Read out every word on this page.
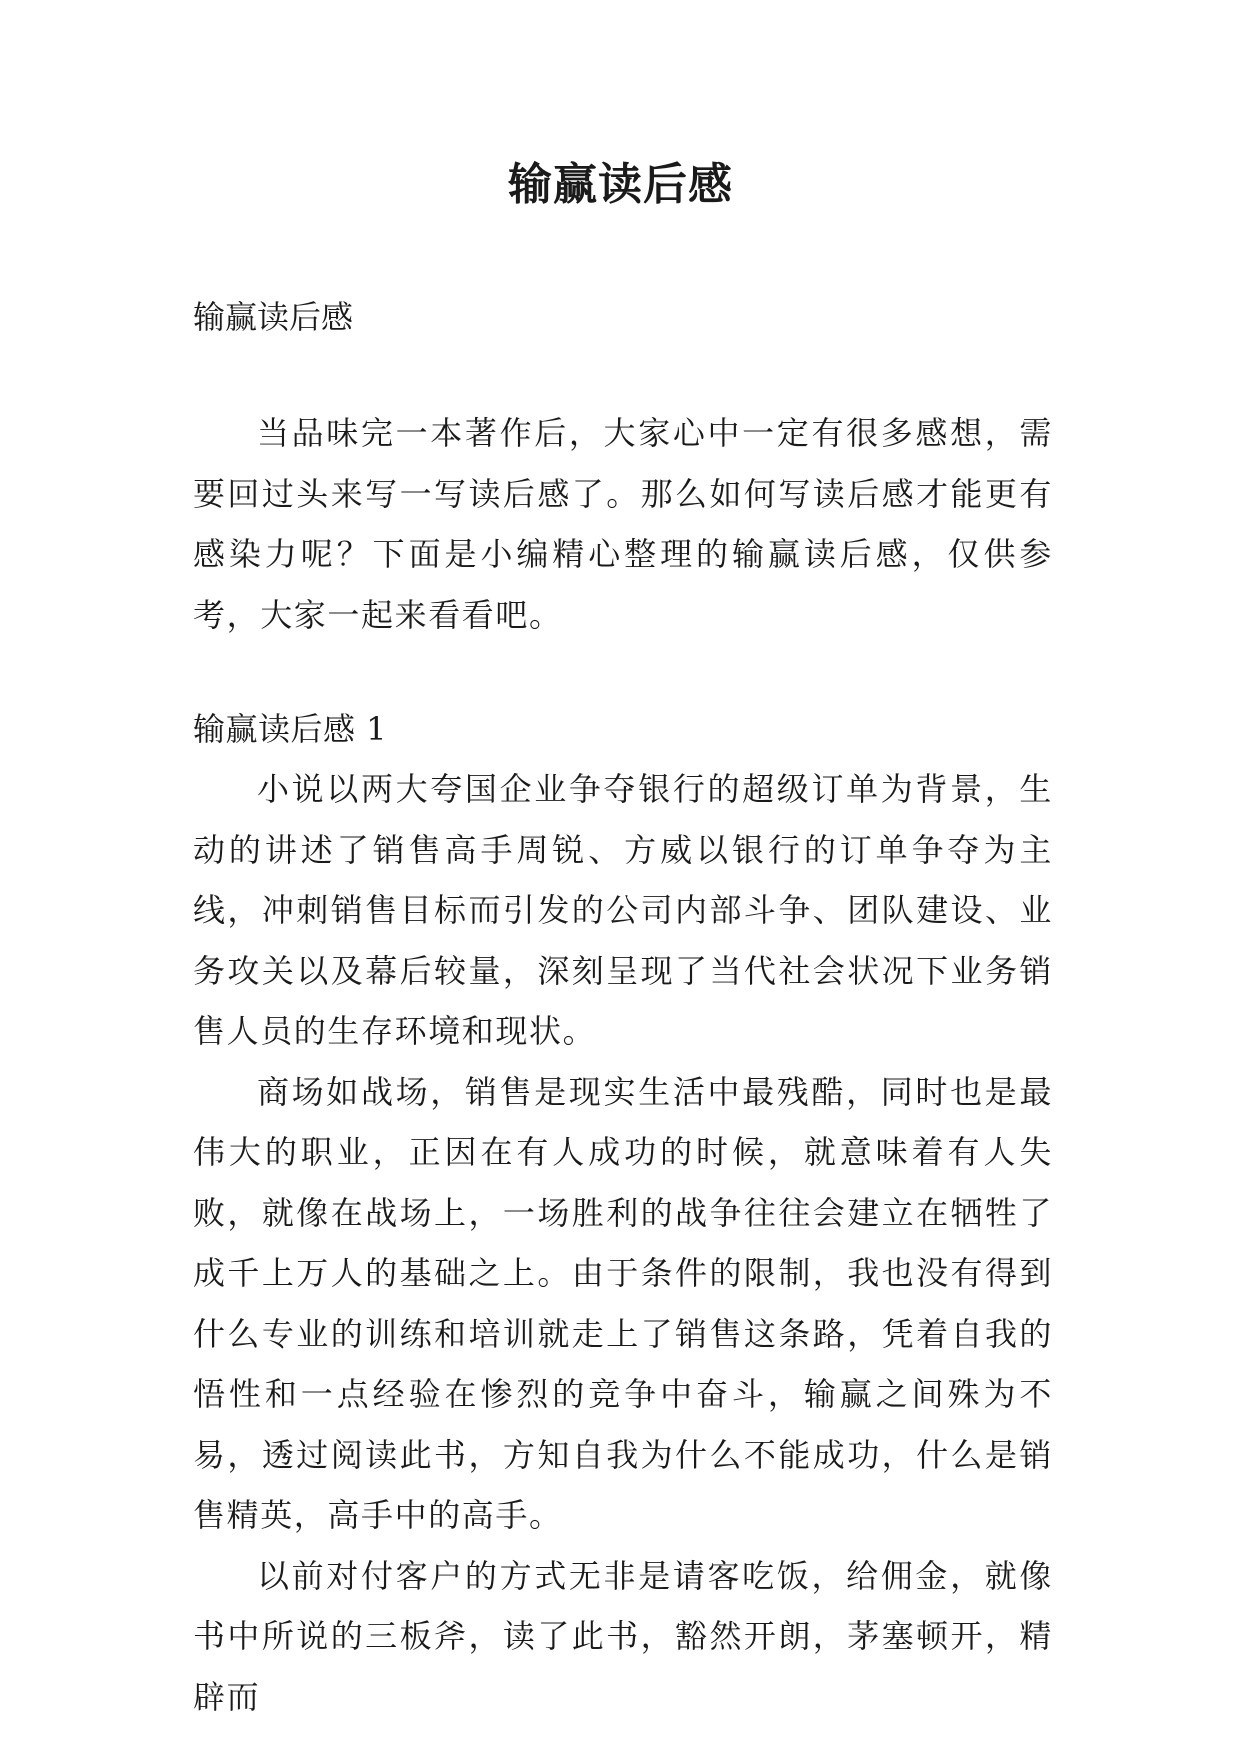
输赢读后感

输赢读后感

当品味完一本著作后，大家心中一定有很多感想，需要回过头来写一写读后感了。那么如何写读后感才能更有感染力呢？下面是小编精心整理的输赢读后感，仅供参考，大家一起来看看吧。

输赢读后感 1

小说以两大夸国企业争夺银行的超级订单为背景，生动的讲述了销售高手周锐、方威以银行的订单争夺为主线，冲刺销售目标而引发的公司内部斗争、团队建设、业务攻关以及幕后较量，深刻呈现了当代社会状况下业务销售人员的生存环境和现状。

商场如战场，销售是现实生活中最残酷，同时也是最伟大的职业，正因在有人成功的时候，就意味着有人失败，就像在战场上，一场胜利的战争往往会建立在牺牲了成千上万人的基础之上。由于条件的限制，我也没有得到什么专业的训练和培训就走上了销售这条路，凭着自我的悟性和一点经验在惨烈的竞争中奋斗，输赢之间殊为不易，透过阅读此书，方知自我为什么不能成功，什么是销售精英，高手中的高手。

以前对付客户的方式无非是请客吃饭，给佣金，就像书中所说的三板斧，读了此书，豁然开朗，茅塞顿开，精辟而
